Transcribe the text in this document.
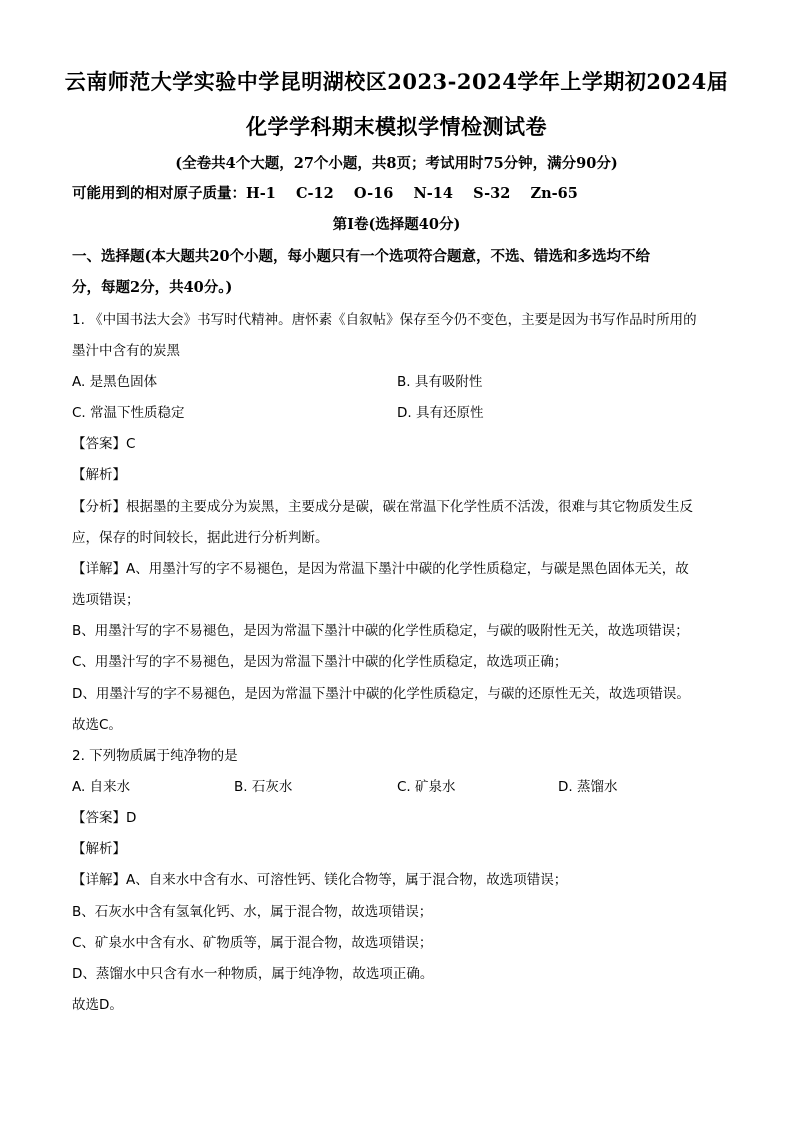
云南师范大学实验中学昆明湖校区2023-2024学年上学期初2024届
化学学科期末模拟学情检测试卷
(全卷共4个大题，27个小题，共8页；考试用时75分钟，满分90分)
可能用到的相对原子质量：H-1    C-12    O-16    N-14    S-32    Zn-65
第Ⅰ卷(选择题40分)
一、选择题(本大题共20个小题，每小题只有一个选项符合题意，不选、错选和多选均不给
分，每题2分，共40分。)
1. 《中国书法大会》书写时代精神。唐怀素《自叙帖》保存至今仍不变色，主要是因为书写作品时所用的
墨汁中含有的炭黑
A. 是黑色固体	B. 具有吸附性
C. 常温下性质稳定	D. 具有还原性
【答案】C
【解析】
【分析】根据墨的主要成分为炭黑，主要成分是碳，碳在常温下化学性质不活泼，很难与其它物质发生反
应，保存的时间较长，据此进行分析判断。
【详解】A、用墨汁写的字不易褪色，是因为常温下墨汁中碳的化学性质稳定，与碳是黑色固体无关，故
选项错误；
B、用墨汁写的字不易褪色，是因为常温下墨汁中碳的化学性质稳定，与碳的吸附性无关，故选项错误；
C、用墨汁写的字不易褪色，是因为常温下墨汁中碳的化学性质稳定，故选项正确；
D、用墨汁写的字不易褪色，是因为常温下墨汁中碳的化学性质稳定，与碳的还原性无关，故选项错误。
故选C。
2. 下列物质属于纯净物的是
A. 自来水	B. 石灰水	C. 矿泉水	D. 蒸馏水
【答案】D
【解析】
【详解】A、自来水中含有水、可溶性钙、镁化合物等，属于混合物，故选项错误；
B、石灰水中含有氢氧化钙、水，属于混合物，故选项错误；
C、矿泉水中含有水、矿物质等，属于混合物，故选项错误；
D、蒸馏水中只含有水一种物质，属于纯净物，故选项正确。
故选D。
